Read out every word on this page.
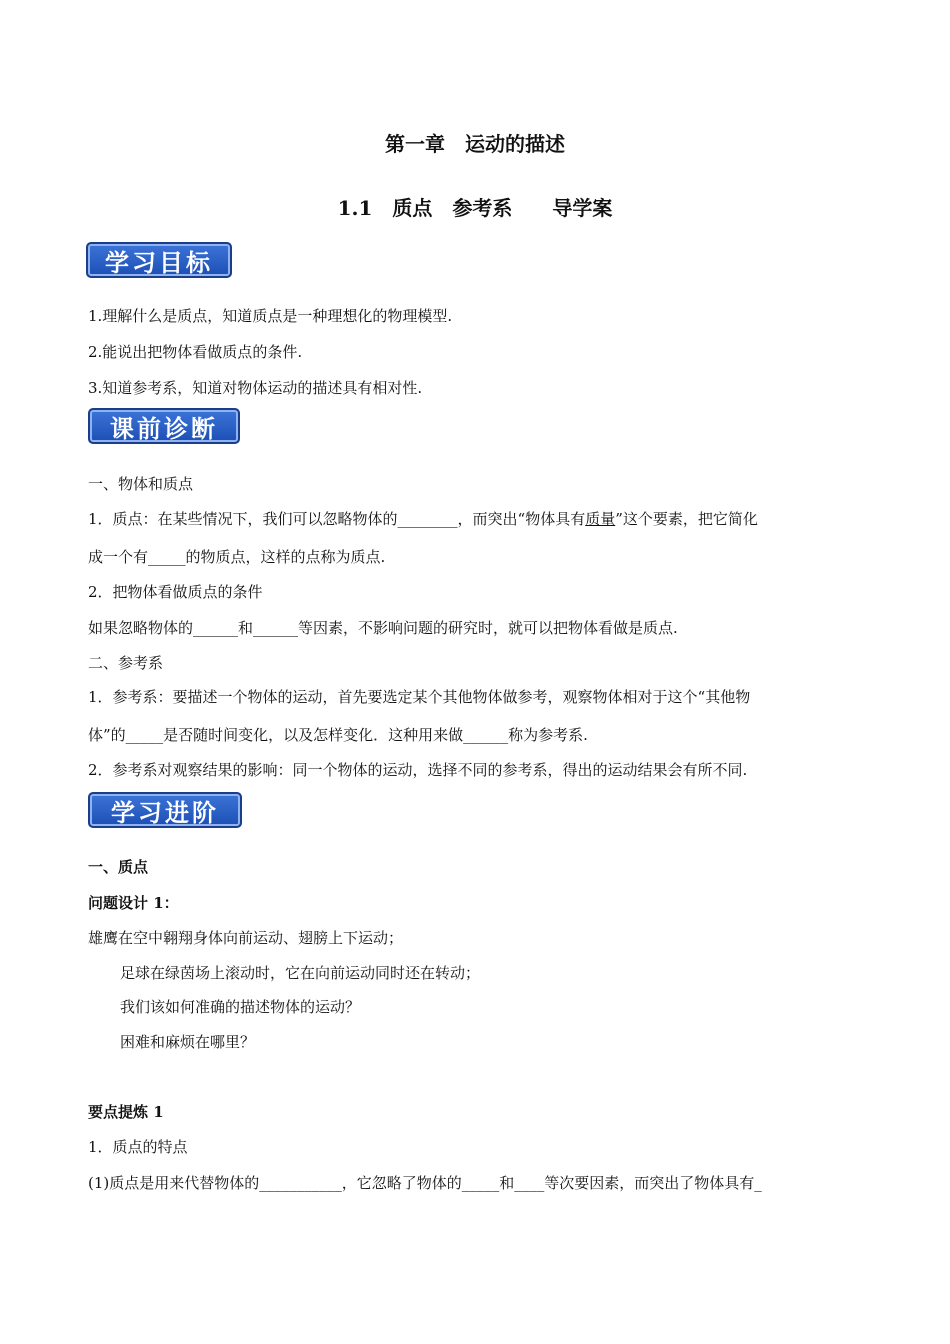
第一章　运动的描述
1.1　质点　参考系　　导学案
学习目标
1.理解什么是质点，知道质点是一种理想化的物理模型.
2.能说出把物体看做质点的条件.
3.知道参考系，知道对物体运动的描述具有相对性.
课前诊断
一、物体和质点
1．质点：在某些情况下，我们可以忽略物体的________，而突出“物体具有质量”这个要素，把它简化
成一个有_____的物质点，这样的点称为质点.
2．把物体看做质点的条件
如果忽略物体的______和______等因素，不影响问题的研究时，就可以把物体看做是质点.
二、参考系
1．参考系：要描述一个物体的运动，首先要选定某个其他物体做参考，观察物体相对于这个“其他物
体”的_____是否随时间变化，以及怎样变化．这种用来做______称为参考系.
2．参考系对观察结果的影响：同一个物体的运动，选择不同的参考系，得出的运动结果会有所不同.
学习进阶
一、质点
问题设计 1：
雄鹰在空中翱翔身体向前运动、翅膀上下运动；
足球在绿茵场上滚动时，它在向前运动同时还在转动；
我们该如何准确的描述物体的运动？
困难和麻烦在哪里？
要点提炼 1
1．质点的特点
(1)质点是用来代替物体的___________，它忽略了物体的_____和____等次要因素，而突出了物体具有_
